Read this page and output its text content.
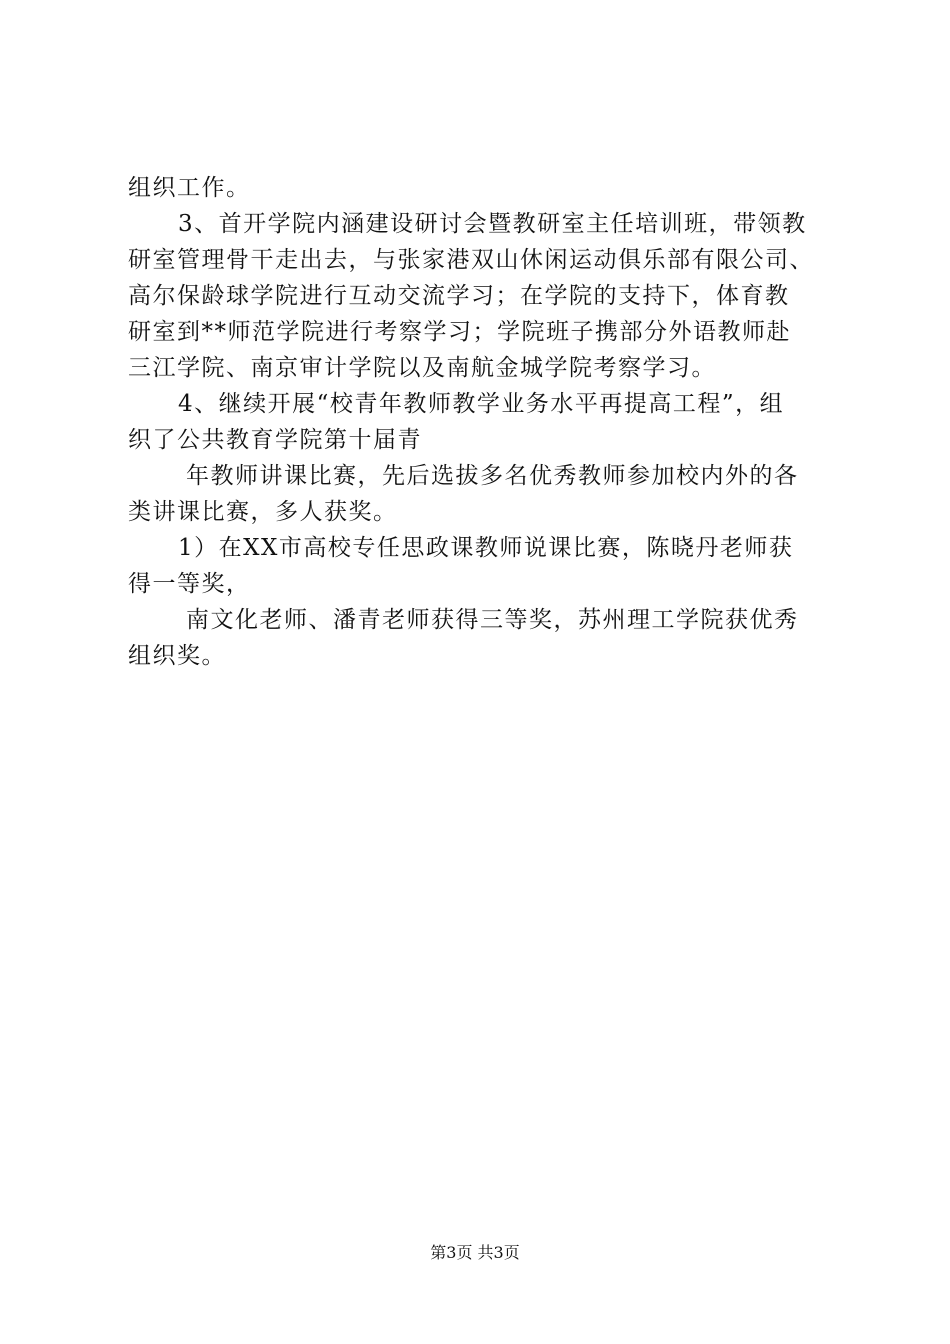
组织工作。
3、首开学院内涵建设研讨会暨教研室主任培训班，带领教
研室管理骨干走出去，与张家港双山休闲运动俱乐部有限公司、
高尔保龄球学院进行互动交流学习；在学院的支持下，体育教
研室到**师范学院进行考察学习；学院班子携部分外语教师赴
三江学院、南京审计学院以及南航金城学院考察学习。
4、继续开展“校青年教师教学业务水平再提高工程”，组
织了公共教育学院第十届青
年教师讲课比赛，先后选拔多名优秀教师参加校内外的各
类讲课比赛，多人获奖。
1）在XX市高校专任思政课教师说课比赛，陈晓丹老师获
得一等奖，
南文化老师、潘青老师获得三等奖，苏州理工学院获优秀
组织奖。
第3页 共3页
